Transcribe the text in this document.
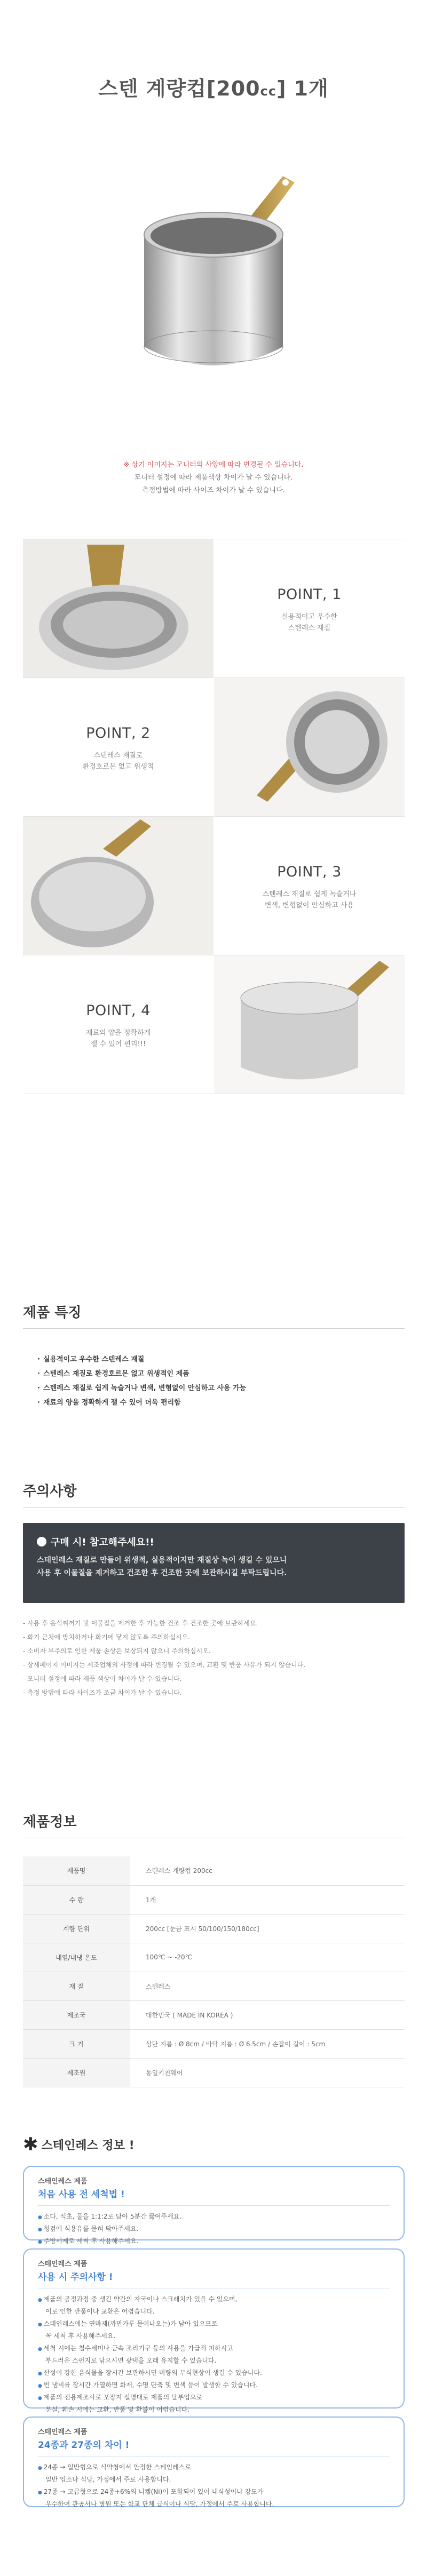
스텐 계량컵[200cc] 1개
※ 상기 이미지는 모니터의 사양에 따라 변경될 수 있습니다.
모니터 설정에 따라 제품색상 차이가 날 수 있습니다.
측정방법에 따라 사이즈 차이가 날 수 있습니다.
POINT, 1
실용적이고 우수한
스텐레스 재질
POINT, 2
스텐레스 재질로
환경호르몬 없고 위생적
POINT, 3
스텐레스 재질로 쉽게 녹슬거나
변색, 변형없이 안심하고 사용
POINT, 4
재료의 양을 정확하게
잴 수 있어 편리!!!
제품 특징
· 실용적이고 우수한 스텐레스 재질
· 스텐레스 재질로 환경호르몬 없고 위생적인 제품
· 스텐레스 재질로 쉽게 녹슬거나 변색, 변형없이 안심하고 사용 가능
· 재료의 양을 정확하게 잴 수 있어 더욱 편리함
주의사항
구매 시! 참고해주세요!!
스테인레스 재질로 만들어 위생적, 실용적이지만 재질상 녹이 생길 수 있으니
사용 후 이물질을 제거하고 건조한 후 건조한 곳에 보관하시길 부탁드립니다.
- 사용 후 음식찌꺼기 및 이물질을 제거한 후 가능한 건조 후 건조한 곳에 보관하세요.
- 화기 근처에 방치하거나 화기에 닿지 않도록 주의하십시오.
- 소비자 부주의로 인한 제품 손상은 보상되지 않으니 주의하십시오.
- 상세페이지 이미지는 제조업체의 사정에 따라 변경될 수 있으며, 교환 및 반품 사유가 되지 않습니다.
- 모니터 설정에 따라 제품 색상이 차이가 날 수 있습니다.
- 측정 방법에 따라 사이즈가 조금 차이가 날 수 있습니다.
제품정보
제품명	스텐레스 계량컵 200cc
수 량	1개
계량 단위	200cc [눈금 표시 50/100/150/180cc]
내열/내냉 온도	100℃ ~ -20℃
재 질	스텐레스
제조국	대한민국 ( MADE IN KOREA )
크 기	상단 지름 : Ø 8cm / 바닥 지름 : Ø 6.5cm / 손잡이 길이 : 5cm
제조원	동일키친웨어
✱ 스테인레스 정보 !
스테인레스 제품
처음 사용 전 세척법 !
● 소다, 식초, 물을 1:1:2로 담아 5분간 끓여주세요.
● 헝겊에 식용유를 묻혀 닦아주세요.
● 주방세제로 세척 후 사용해주세요.
스테인레스 제품
사용 시 주의사항 !
● 제품의 공정과정 중 생긴 약간의 자국이나 스크래치가 있을 수 있으며,
이로 인한 반품이나 교환은 어렵습니다.
● 스테인레스에는 연마제(까만가루 묻어나오는)가 남아 있으므로
꼭 세척 후 사용해주세요.
● 세척 시에는 철수세미나 금속 조리기구 등의 사용을 가급적 피하시고
부드러운 스펀지로 닦으시면 광택을 오래 유지할 수 있습니다.
● 산성이 강한 음식물을 장시간 보관하시면 미량의 부식현상이 생길 수 있습니다.
● 빈 냄비를 장시간 가열하면 화재, 수명 단축 및 변색 등이 발생할 수 있습니다.
● 제품의 전용제조사로 포장지 설명대로 제품의 탈부업으로
분실, 훼손 시에는 교환, 반품 및 환불이 어렵습니다.
스테인레스 제품
24종과 27종의 차이 !
● 24종 → 일반형으로 식약청에서 안정한 스테인레스로
일반 업소나 식당, 가정에서 주로 사용합니다.
● 27종 → 고급형으로 24종+6%의 니켈(Ni)이 포함되어 있어 내식성이나 강도가
우수하여 관공서나 병원 또는 학교 단체 급식이나 식당, 가정에서 주로 사용합니다.
